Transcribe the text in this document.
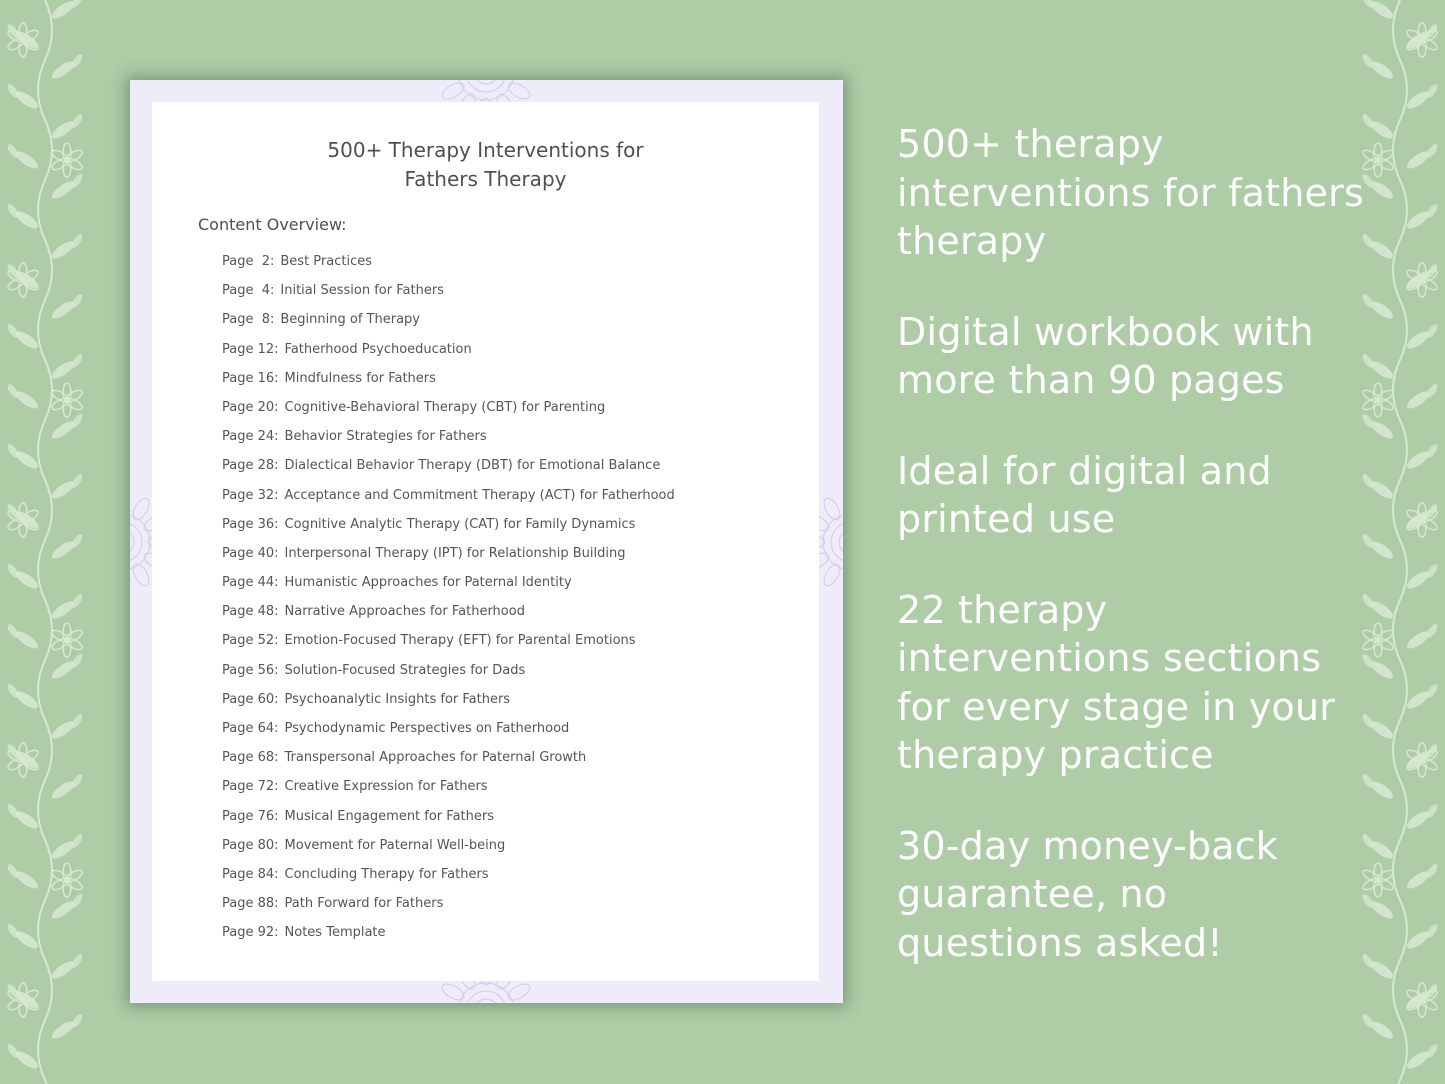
500+ Therapy Interventions for
Fathers Therapy
Content Overview:
Page  2: Best Practices
Page  4: Initial Session for Fathers
Page  8: Beginning of Therapy
Page 12: Fatherhood Psychoeducation
Page 16: Mindfulness for Fathers
Page 20: Cognitive-Behavioral Therapy (CBT) for Parenting
Page 24: Behavior Strategies for Fathers
Page 28: Dialectical Behavior Therapy (DBT) for Emotional Balance
Page 32: Acceptance and Commitment Therapy (ACT) for Fatherhood
Page 36: Cognitive Analytic Therapy (CAT) for Family Dynamics
Page 40: Interpersonal Therapy (IPT) for Relationship Building
Page 44: Humanistic Approaches for Paternal Identity
Page 48: Narrative Approaches for Fatherhood
Page 52: Emotion-Focused Therapy (EFT) for Parental Emotions
Page 56: Solution-Focused Strategies for Dads
Page 60: Psychoanalytic Insights for Fathers
Page 64: Psychodynamic Perspectives on Fatherhood
Page 68: Transpersonal Approaches for Paternal Growth
Page 72: Creative Expression for Fathers
Page 76: Musical Engagement for Fathers
Page 80: Movement for Paternal Well-being
Page 84: Concluding Therapy for Fathers
Page 88: Path Forward for Fathers
Page 92: Notes Template

500+ therapy
interventions for fathers
therapy

Digital workbook with
more than 90 pages

Ideal for digital and
printed use

22 therapy
interventions sections
for every stage in your
therapy practice

30-day money-back
guarantee, no
questions asked!
